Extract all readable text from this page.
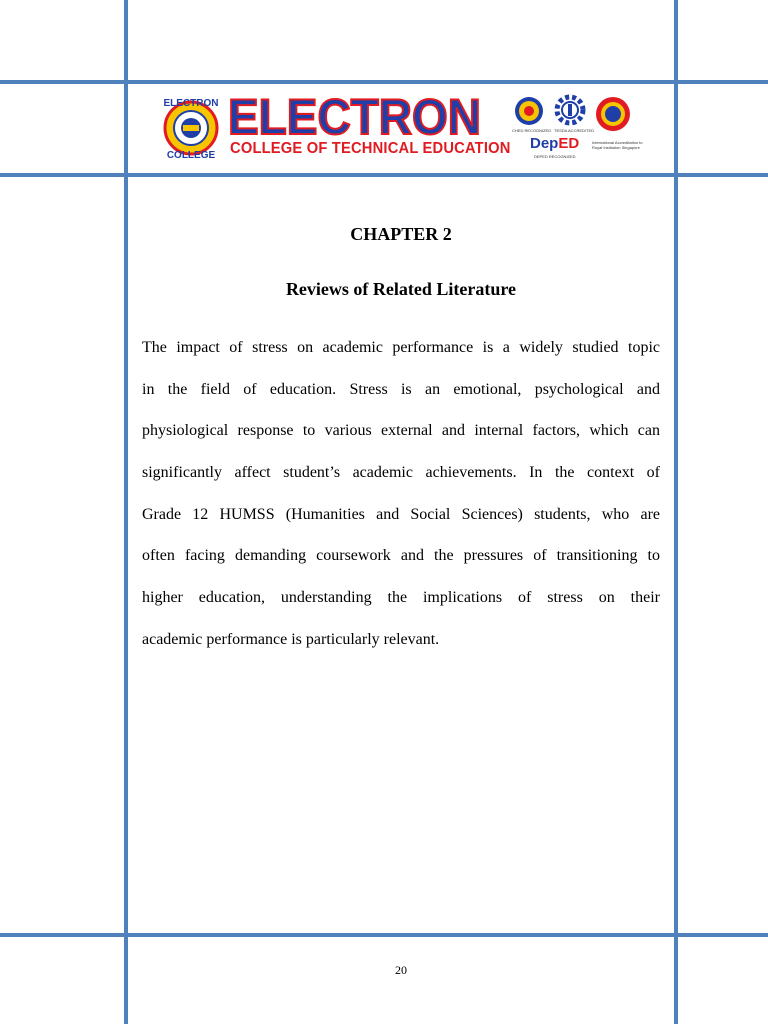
ELECTRON
COLLEGE
ELECTRON
COLLEGE OF TECHNICAL EDUCATION
CHED RECOGNIZED TESDA ACCREDITED
International Accreditation to Royal Institution Singapore
DepED
DEPED RECOGNIZED
CHAPTER 2
Reviews of Related Literature
The impact of stress on academic performance is a widely studied topic
in the field of education. Stress is an emotional, psychological and
physiological response to various external and internal factors, which can
significantly affect student’s academic achievements. In the context of
Grade 12 HUMSS (Humanities and Social Sciences) students, who are
often facing demanding coursework and the pressures of transitioning to
higher education, understanding the implications of stress on their
academic performance is particularly relevant.
20
